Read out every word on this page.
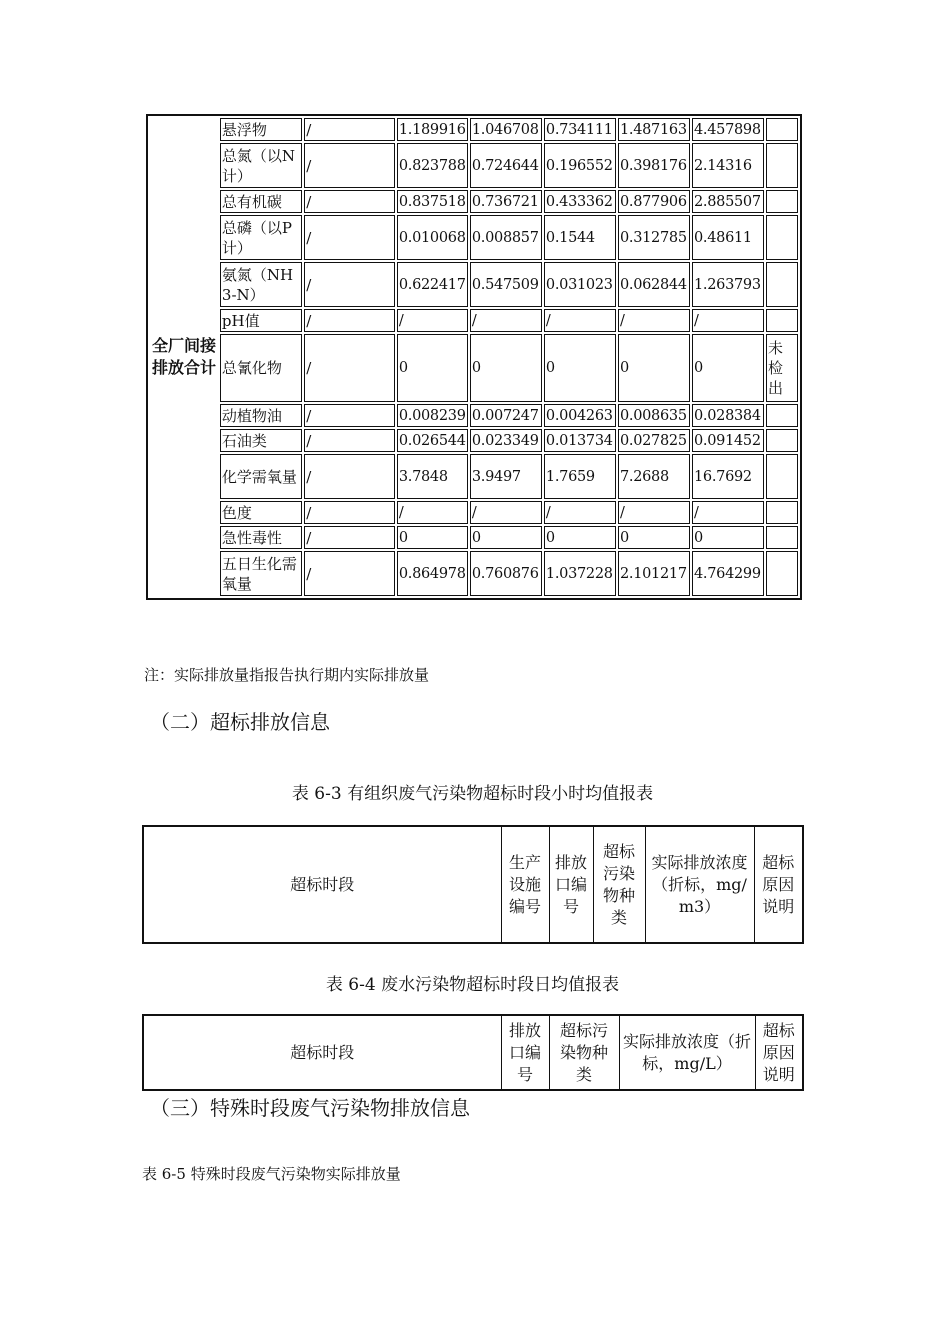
全厂间接排放合计	悬浮物	/	1.189916	1.046708	0.734111	1.487163	4.457898	
	总氮（以N计）	/	0.823788	0.724644	0.196552	0.398176	2.14316	
	总有机碳	/	0.837518	0.736721	0.433362	0.877906	2.885507	
	总磷（以P计）	/	0.010068	0.008857	0.1544	0.312785	0.48611	
	氨氮（NH3-N）	/	0.622417	0.547509	0.031023	0.062844	1.263793	
	pH值	/	/	/	/	/	/	
	总氰化物	/	0	0	0	0	0	未检出
	动植物油	/	0.008239	0.007247	0.004263	0.008635	0.028384	
	石油类	/	0.026544	0.023349	0.013734	0.027825	0.091452	
	化学需氧量	/	3.7848	3.9497	1.7659	7.2688	16.7692	
	色度	/	/	/	/	/	/	
	急性毒性	/	0	0	0	0	0	
	五日生化需氧量	/	0.864978	0.760876	1.037228	2.101217	4.764299	
注：实际排放量指报告执行期内实际排放量
（二）超标排放信息
表 6-3 有组织废气污染物超标时段小时均值报表
超标时段	生产设施编号	排放口编号	超标污染物种类	实际排放浓度（折标，mg/m3）	超标原因说明
表 6-4 废水污染物超标时段日均值报表
超标时段	排放口编号	超标污染物种类	实际排放浓度（折标，mg/L）	超标原因说明
（三）特殊时段废气污染物排放信息
表 6-5 特殊时段废气污染物实际排放量
